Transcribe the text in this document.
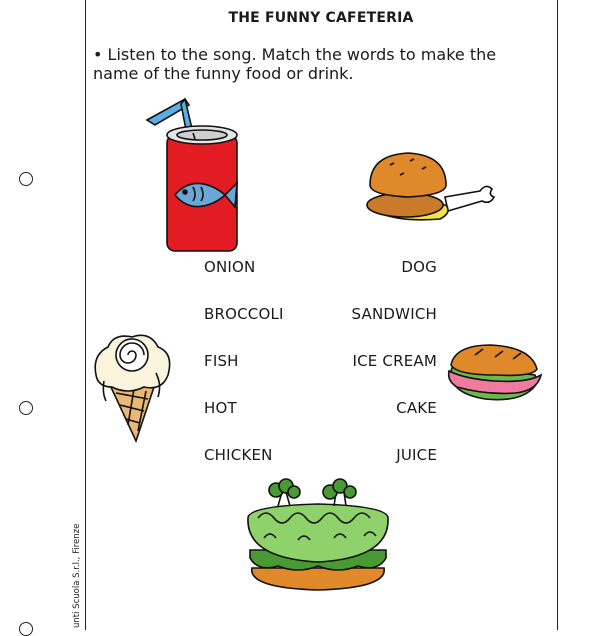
THE FUNNY CAFETERIA
• Listen to the song. Match the words to make the name of the funny food or drink.
ONION
BROCCOLI
FISH
HOT
CHICKEN
DOG
SANDWICH
ICE CREAM
CAKE
JUICE
unti Scuola S.r.l., Firenze
